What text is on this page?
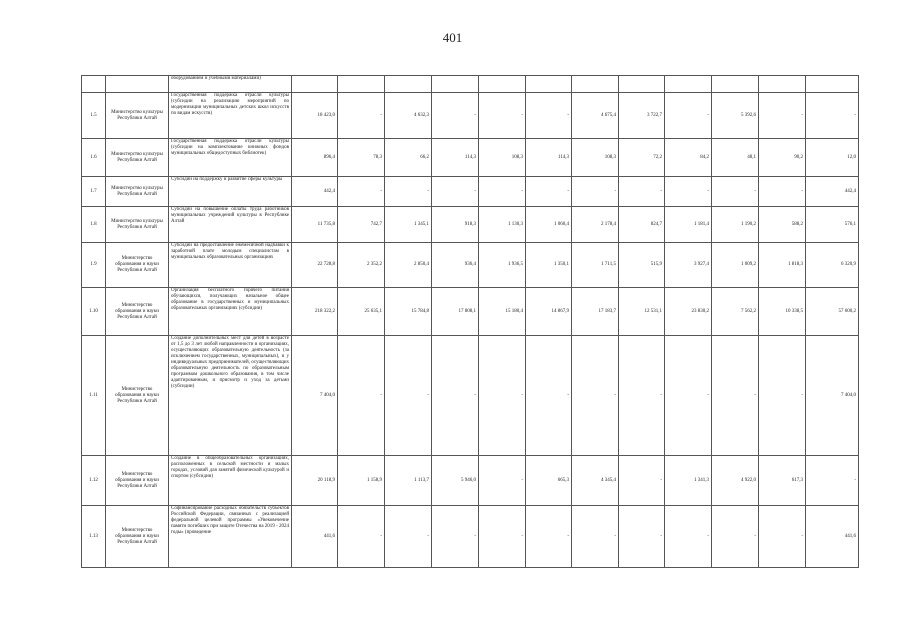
401
		оборудованием и учебными материалами)												
1.5	Министерство культуры Республики Алтай	Государственная поддержка отрасли культуры (субсидии на реализацию мероприятий по модернизации муниципальных детских школ искусств по видам искусств)	18 423,0	-	4 632,3	-	-	-	4 675,4	3 722,7	-	5 392,6	-	-
1.6	Министерство культуры Республики Алтай	Государственная поддержка отрасли культуры (субсидии на комплектование книжных фондов муниципальных общедоступных библиотек)	896,4	78,3	66,2	114,3	108,3	114,3	108,3	72,2	84,2	48,1	90,2	12,0
1.7	Министерство культуры Республики Алтай	Субсидии на поддержку и развитие сферы культуры	442,4	-	-	-	-	-	-	-	-	-	-	442,4
1.8	Министерство культуры Республики Алтай	Субсидии на повышение оплаты труда работников муниципальных учреждений культуры в Республике Алтай	11 735,8	742,7	1 345,1	918,3	1 130,3	1 060,4	2 178,4	824,7	1 181,4	1 190,2	588,2	576,1
1.9	Министерство образования и науки Республики Алтай	Субсидии на предоставление ежемесячной надбавки к заработной плате молодым специалистам в муниципальных образовательных организациях	22 728,8	2 352,2	2 850,4	936,4	1 936,5	1 350,1	1 711,5	515,9	3 927,4	1 009,2	1 818,3	6 320,9
1.10	Министерство образования и науки Республики Алтай	Организация бесплатного горячего питания обучающихся, получающих начальное общее образование в государственных и муниципальных образовательных организациях (субсидии)	218 322,2	25 635,1	15 784,8	17 808,1	15 180,4	14 867,9	17 183,7	12 531,1	23 830,2	7 562,2	10 338,5	57 600,2
1.11	Министерство образования и науки Республики Алтай	Создание дополнительных мест для детей в возрасте от 1,5 до 3 лет любой направленности в организациях, осуществляющих образовательную деятельность (за исключением государственных, муниципальных), и у индивидуальных предпринимателей, осуществляющих образовательную деятельность по образовательным программам дошкольного образования, в том числе адаптированным, и присмотр и уход за детьми (субсидии)	7 404,0	-	-	-	-	-	-	-	-	-	-	7 404,0
1.12	Министерство образования и науки Республики Алтай	Создание в общеобразовательных организациях, расположенных в сельской местности и малых городах, условий для занятий физической культурой и спортом (субсидии)	20 118,9	1 158,9	1 113,7	5 946,0	-	665,3	4 345,4	-	1 341,3	4 922,0	617,3	-
1.13	Министерство образования и науки Республики Алтай	Софинансирование расходных обязательств субъектов Российской Федерации, связанных с реализацией федеральной целевой программы «Увековечение памяти погибших при защите Отечества на 2019 - 2024 годы» (проведение	441,6	-	-	-	-	-	-	-	-	-	-	441,6
